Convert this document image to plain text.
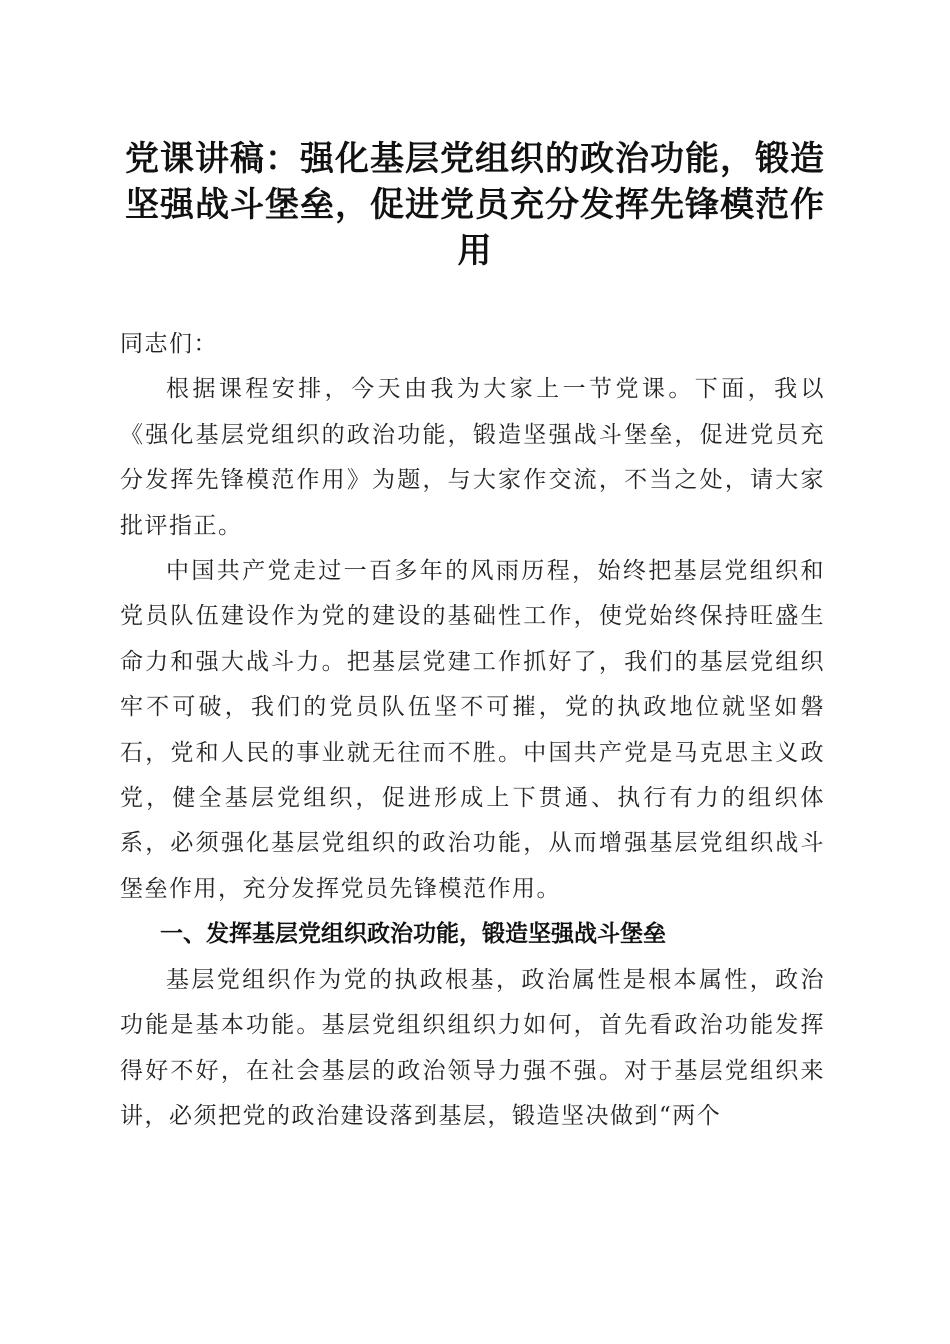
党课讲稿：强化基层党组织的政治功能，锻造坚强战斗堡垒，促进党员充分发挥先锋模范作用

同志们：

根据课程安排，今天由我为大家上一节党课。下面，我以《强化基层党组织的政治功能，锻造坚强战斗堡垒，促进党员充分发挥先锋模范作用》为题，与大家作交流，不当之处，请大家批评指正。

中国共产党走过一百多年的风雨历程，始终把基层党组织和党员队伍建设作为党的建设的基础性工作，使党始终保持旺盛生命力和强大战斗力。把基层党建工作抓好了，我们的基层党组织牢不可破，我们的党员队伍坚不可摧，党的执政地位就坚如磐石，党和人民的事业就无往而不胜。中国共产党是马克思主义政党，健全基层党组织，促进形成上下贯通、执行有力的组织体系，必须强化基层党组织的政治功能，从而增强基层党组织战斗堡垒作用，充分发挥党员先锋模范作用。

一、发挥基层党组织政治功能，锻造坚强战斗堡垒

基层党组织作为党的执政根基，政治属性是根本属性，政治功能是基本功能。基层党组织组织力如何，首先看政治功能发挥得好不好，在社会基层的政治领导力强不强。对于基层党组织来讲，必须把党的政治建设落到基层，锻造坚决做到“两个
